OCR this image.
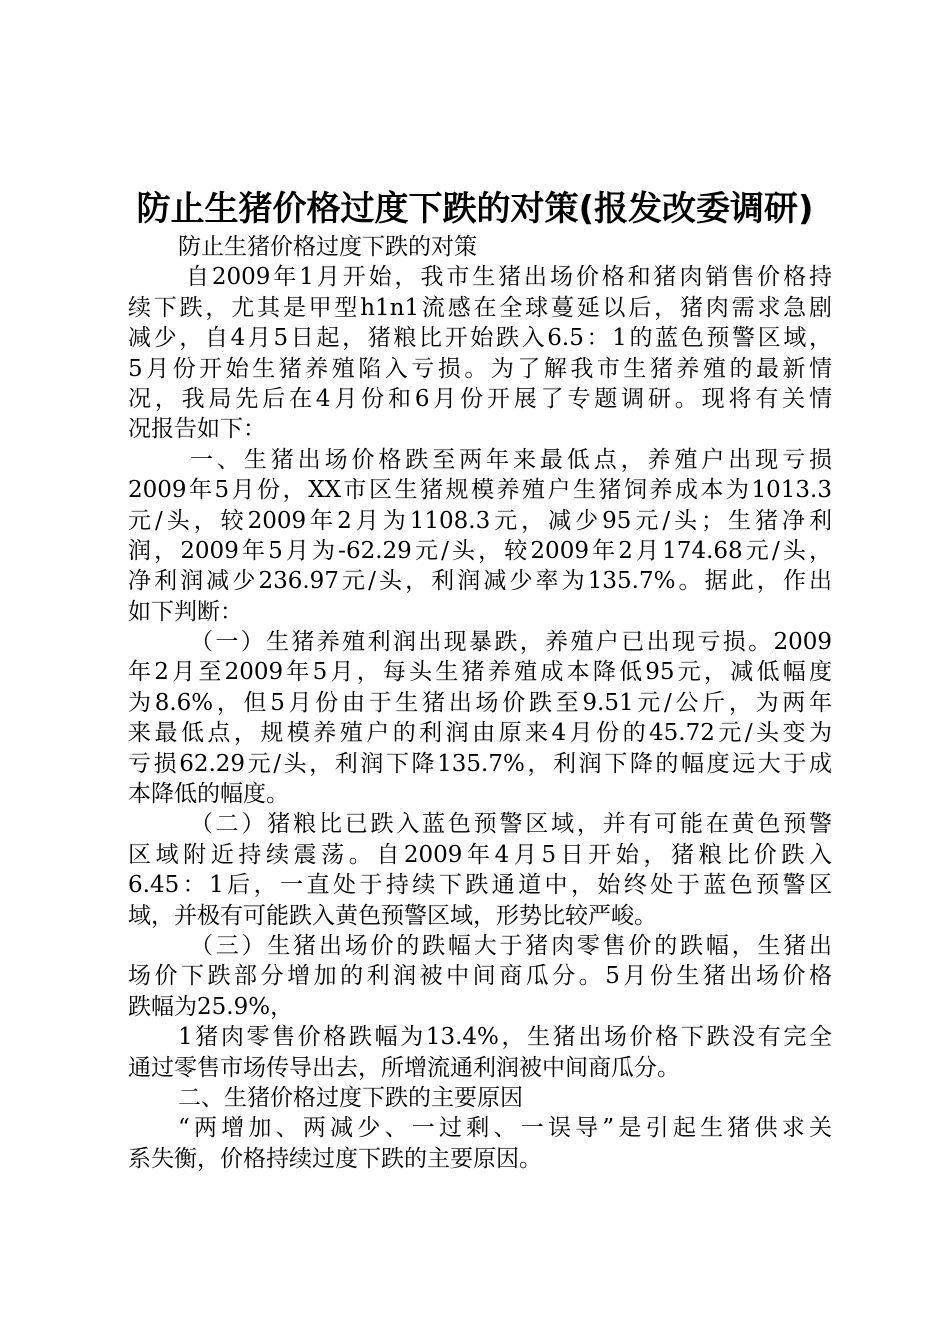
防止生猪价格过度下跌的对策(报发改委调研)
防止生猪价格过度下跌的对策
自2009年1月开始，我市生猪出场价格和猪肉销售价格持
续下跌，尤其是甲型h1n1流感在全球蔓延以后，猪肉需求急剧
减少，自4月5日起，猪粮比开始跌入6.5：1的蓝色预警区域，
5月份开始生猪养殖陷入亏损。为了解我市生猪养殖的最新情
况，我局先后在4月份和6月份开展了专题调研。现将有关情
况报告如下：
一、生猪出场价格跌至两年来最低点，养殖户出现亏损
2009年5月份，XX市区生猪规模养殖户生猪饲养成本为1013.3
元/头，较2009年2月为1108.3元，减少95元/头；生猪净利
润，2009年5月为-62.29元/头，较2009年2月174.68元/头，
净利润减少236.97元/头，利润减少率为135.7%。据此，作出
如下判断：
（一）生猪养殖利润出现暴跌，养殖户已出现亏损。2009
年2月至2009年5月，每头生猪养殖成本降低95元，减低幅度
为8.6%，但5月份由于生猪出场价跌至9.51元/公斤，为两年
来最低点，规模养殖户的利润由原来4月份的45.72元/头变为
亏损62.29元/头，利润下降135.7%，利润下降的幅度远大于成
本降低的幅度。
（二）猪粮比已跌入蓝色预警区域，并有可能在黄色预警
区域附近持续震荡。自2009年4月5日开始，猪粮比价跌入
6.45：1后，一直处于持续下跌通道中，始终处于蓝色预警区
域，并极有可能跌入黄色预警区域，形势比较严峻。
（三）生猪出场价的跌幅大于猪肉零售价的跌幅，生猪出
场价下跌部分增加的利润被中间商瓜分。5月份生猪出场价格
跌幅为25.9%，
1猪肉零售价格跌幅为13.4%，生猪出场价格下跌没有完全
通过零售市场传导出去，所增流通利润被中间商瓜分。
二、生猪价格过度下跌的主要原因
“两增加、两减少、一过剩、一误导”是引起生猪供求关
系失衡，价格持续过度下跌的主要原因。
